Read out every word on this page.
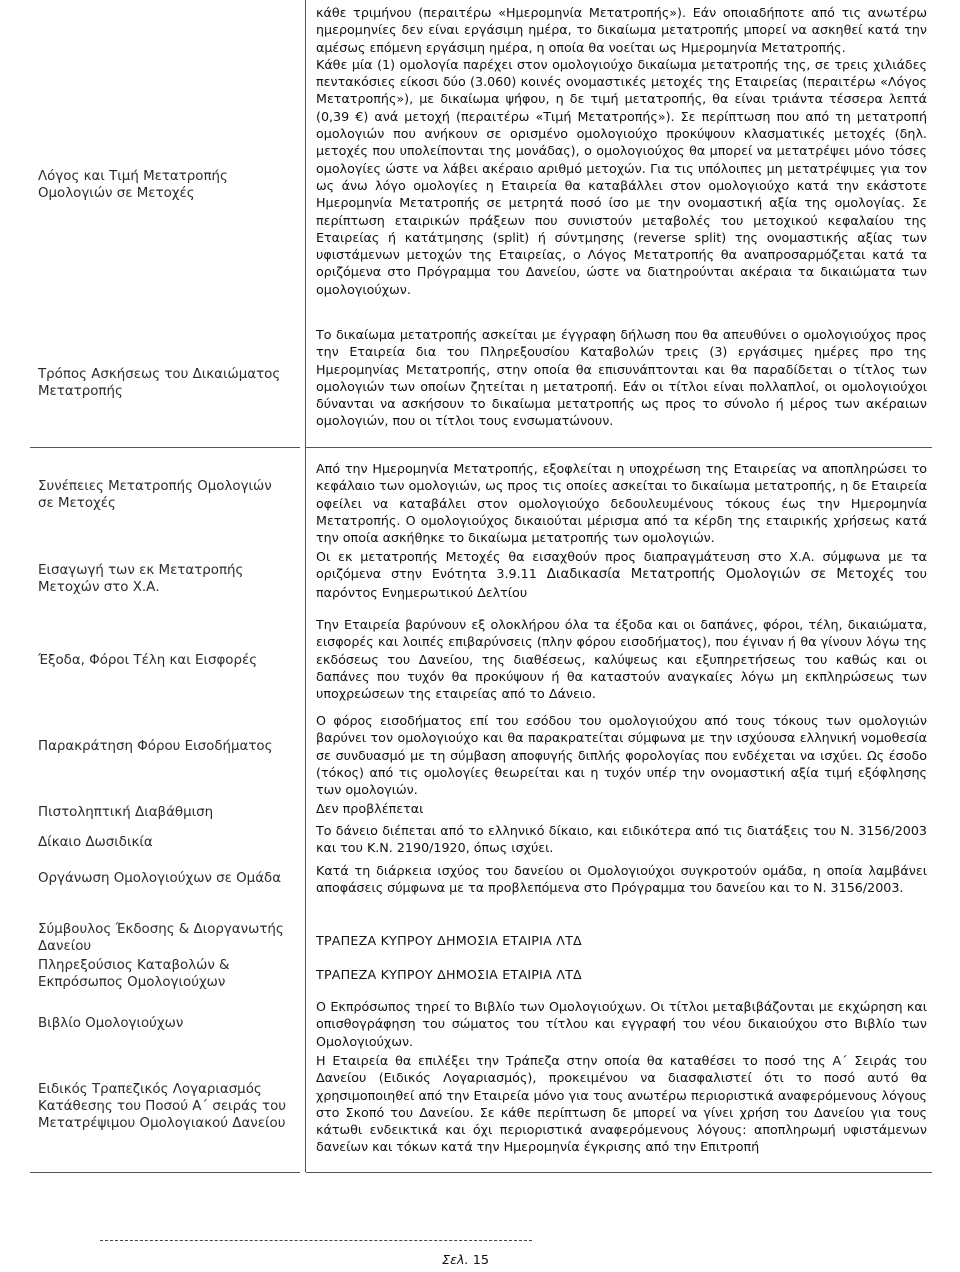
Λόγος και Τιμή Μετατροπής Ομολογιών σε Μετοχές
Τρόπος Ασκήσεως του Δικαιώματος Μετατροπής
Συνέπειες Μετατροπής Ομολογιών σε Μετοχές
Εισαγωγή των εκ Μετατροπής Μετοχών στο Χ.Α.
Έξοδα, Φόροι Τέλη και Εισφορές
Παρακράτηση Φόρου Εισοδήματος
Πιστοληπτική Διαβάθμιση
Δίκαιο Δωσιδικία
Οργάνωση Ομολογιούχων σε Ομάδα
Σύμβουλος Έκδοσης & Διοργανωτής Δανείου
Πληρεξούσιος Καταβολών & Εκπρόσωπος Ομολογιούχων
Βιβλίο Ομολογιούχων
Ειδικός Τραπεζικός Λογαριασμός Κατάθεσης του Ποσού Α΄ σειράς του Μετατρέψιμου Ομολογιακού Δανείου

κάθε τριμήνου (περαιτέρω «Ημερομηνία Μετατροπής»). Εάν οποιαδήποτε από τις ανωτέρω ημερομηνίες δεν είναι εργάσιμη ημέρα, το δικαίωμα μετατροπής μπορεί να ασκηθεί κατά την αμέσως επόμενη εργάσιμη ημέρα, η οποία θα νοείται ως Ημερομηνία Μετατροπής.

Κάθε μία (1) ομολογία παρέχει στον ομολογιούχο δικαίωμα μετατροπής της, σε τρεις χιλιάδες πεντακόσιες είκοσι δύο (3.060) κοινές ονομαστικές μετοχές της Εταιρείας (περαιτέρω «Λόγος Μετατροπής»), με δικαίωμα ψήφου, η δε τιμή μετατροπής, θα είναι τριάντα τέσσερα λεπτά (0,39 €) ανά μετοχή (περαιτέρω «Τιμή Μετατροπής»). Σε περίπτωση που από τη μετατροπή ομολογιών που ανήκουν σε ορισμένο ομολογιούχο προκύψουν κλασματικές μετοχές (δηλ. μετοχές που υπολείπονται της μονάδας), ο ομολογιούχος θα μπορεί να μετατρέψει μόνο τόσες ομολογίες ώστε να λάβει ακέραιο αριθμό μετοχών. Για τις υπόλοιπες μη μετατρέψιμες για τον ως άνω λόγο ομολογίες η Εταιρεία θα καταβάλλει στον ομολογιούχο κατά την εκάστοτε Ημερομηνία Μετατροπής σε μετρητά ποσό ίσο με την ονομαστική αξία της ομολογίας. Σε περίπτωση εταιρικών πράξεων που συνιστούν μεταβολές του μετοχικού κεφαλαίου της Εταιρείας ή κατάτμησης (split) ή σύντμησης (reverse split) της ονομαστικής αξίας των υφιστάμενων μετοχών της Εταιρείας, ο Λόγος Μετατροπής θα αναπροσαρμόζεται κατά τα οριζόμενα στο Πρόγραμμα του Δανείου, ώστε να διατηρούνται ακέραια τα δικαιώματα των ομολογιούχων.

Το δικαίωμα μετατροπής ασκείται με έγγραφη δήλωση που θα απευθύνει ο ομολογιούχος προς την Εταιρεία δια του Πληρεξουσίου Καταβολών τρεις (3) εργάσιμες ημέρες προ της Ημερομηνίας Μετατροπής, στην οποία θα επισυνάπτονται και θα παραδίδεται ο τίτλος των ομολογιών των οποίων ζητείται η μετατροπή. Εάν οι τίτλοι είναι πολλαπλοί, οι ομολογιούχοι δύνανται να ασκήσουν το δικαίωμα μετατροπής ως προς το σύνολο ή μέρος των ακέραιων ομολογιών, που οι τίτλοι τους ενσωματώνουν.
Από την Ημερομηνία Μετατροπής, εξοφλείται η υποχρέωση της Εταιρείας να αποπληρώσει το κεφάλαιο των ομολογιών, ως προς τις οποίες ασκείται το δικαίωμα μετατροπής, η δε Εταιρεία οφείλει να καταβάλει στον ομολογιούχο δεδουλευμένους τόκους έως την Ημερομηνία Μετατροπής. Ο ομολογιούχος δικαιούται μέρισμα από τα κέρδη της εταιρικής χρήσεως κατά την οποία ασκήθηκε το δικαίωμα μετατροπής των ομολογιών.
Οι εκ μετατροπής Μετοχές θα εισαχθούν προς διαπραγμάτευση στο Χ.Α. σύμφωνα με τα οριζόμενα στην Ενότητα 3.9.11 Διαδικασία Μετατροπής Ομολογιών σε Μετοχές του παρόντος Ενημερωτικού Δελτίου
Την Εταιρεία βαρύνουν εξ ολοκλήρου όλα τα έξοδα και οι δαπάνες, φόροι, τέλη, δικαιώματα, εισφορές και λοιπές επιβαρύνσεις (πλην φόρου εισοδήματος), που έγιναν ή θα γίνουν λόγω της εκδόσεως του Δανείου, της διαθέσεως, καλύψεως και εξυπηρετήσεως του καθώς και οι δαπάνες που τυχόν θα προκύψουν ή θα καταστούν αναγκαίες λόγω μη εκπληρώσεως των υποχρεώσεων της εταιρείας από το Δάνειο.
Ο φόρος εισοδήματος επί του εσόδου του ομολογιούχου από τους τόκους των ομολογιών βαρύνει τον ομολογιούχο και θα παρακρατείται σύμφωνα με την ισχύουσα ελληνική νομοθεσία σε συνδυασμό με τη σύμβαση αποφυγής διπλής φορολογίας που ενδέχεται να ισχύει. Ως έσοδο (τόκος) από τις ομολογίες θεωρείται και η τυχόν υπέρ την ονομαστική αξία τιμή εξόφλησης των ομολογιών.
Δεν προβλέπεται
Το δάνειο διέπεται από το ελληνικό δίκαιο, και ειδικότερα από τις διατάξεις του Ν. 3156/2003 και του Κ.Ν. 2190/1920, όπως ισχύει.
Κατά τη διάρκεια ισχύος του δανείου οι Ομολογιούχοι συγκροτούν ομάδα, η οποία λαμβάνει αποφάσεις σύμφωνα με τα προβλεπόμενα στο Πρόγραμμα του δανείου και το Ν. 3156/2003.
ΤΡΑΠΕΖΑ ΚΥΠΡΟΥ ΔΗΜΟΣΙΑ ΕΤΑΙΡΙΑ ΛΤΔ
ΤΡΑΠΕΖΑ ΚΥΠΡΟΥ ΔΗΜΟΣΙΑ ΕΤΑΙΡΙΑ ΛΤΔ
Ο Εκπρόσωπος τηρεί το Βιβλίο των Ομολογιούχων. Οι τίτλοι μεταβιβάζονται με εκχώρηση και οπισθογράφηση του σώματος του τίτλου και εγγραφή του νέου δικαιούχου στο Βιβλίο των Ομολογιούχων.
Η Εταιρεία θα επιλέξει την Τράπεζα στην οποία θα καταθέσει το ποσό της Α΄ Σειράς του Δανείου (Ειδικός Λογαριασμός), προκειμένου να διασφαλιστεί ότι το ποσό αυτό θα χρησιμοποιηθεί από την Εταιρεία μόνο για τους ανωτέρω περιοριστικά αναφερόμενους λόγους στο Σκοπό του Δανείου. Σε κάθε περίπτωση δε μπορεί να γίνει χρήση του Δανείου για τους κάτωθι ενδεικτικά και όχι περιοριστικά αναφερόμενους λόγους: αποπληρωμή υφιστάμενων δανείων και τόκων κατά την Ημερομηνία έγκρισης από την Επιτροπή
Σελ. 15
